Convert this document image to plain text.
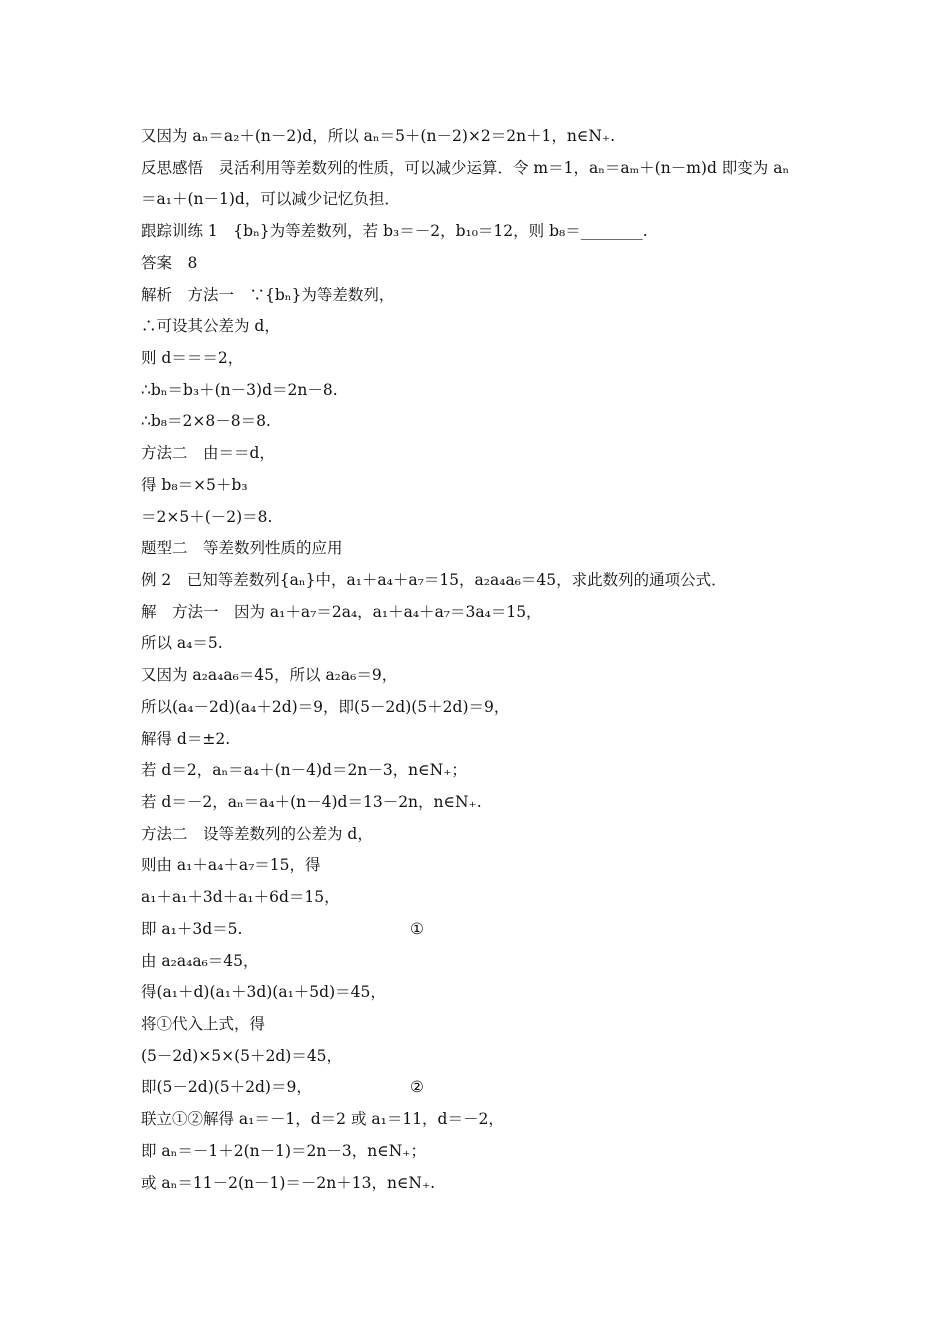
又因为 aₙ＝a₂＋(n－2)d，所以 aₙ＝5＋(n－2)×2＝2n＋1，n∈N₊.
反思感悟　灵活利用等差数列的性质，可以减少运算．令 m＝1，aₙ＝aₘ＋(n－m)d 即变为 aₙ
＝a₁＋(n－1)d，可以减少记忆负担．
跟踪训练 1　{bₙ}为等差数列，若 b₃＝－2，b₁₀＝12，则 b₈＝________.
答案　8
解析　方法一　∵{bₙ}为等差数列，
∴可设其公差为 d，
则 d＝＝＝2，
∴bₙ＝b₃＋(n－3)d＝2n－8.
∴b₈＝2×8－8＝8.
方法二　由＝＝d，
得 b₈＝×5＋b₃
＝2×5＋(－2)＝8.
题型二　等差数列性质的应用
例 2　已知等差数列{aₙ}中，a₁＋a₄＋a₇＝15，a₂a₄a₆＝45，求此数列的通项公式．
解　方法一　因为 a₁＋a₇＝2a₄，a₁＋a₄＋a₇＝3a₄＝15，
所以 a₄＝5.
又因为 a₂a₄a₆＝45，所以 a₂a₆＝9，
所以(a₄－2d)(a₄＋2d)＝9，即(5－2d)(5＋2d)＝9，
解得 d＝±2.
若 d＝2，aₙ＝a₄＋(n－4)d＝2n－3，n∈N₊；
若 d＝－2，aₙ＝a₄＋(n－4)d＝13－2n，n∈N₊.
方法二　设等差数列的公差为 d，
则由 a₁＋a₄＋a₇＝15，得
a₁＋a₁＋3d＋a₁＋6d＝15，
即 a₁＋3d＝5.
由 a₂a₄a₆＝45，
得(a₁＋d)(a₁＋3d)(a₁＋5d)＝45，
将①代入上式，得
(5－2d)×5×(5＋2d)＝45，
即(5－2d)(5＋2d)＝9，
联立①②解得 a₁＝－1，d＝2 或 a₁＝11，d＝－2，
即 aₙ＝－1＋2(n－1)＝2n－3，n∈N₊；
或 aₙ＝11－2(n－1)＝－2n＋13，n∈N₊.
①
②
